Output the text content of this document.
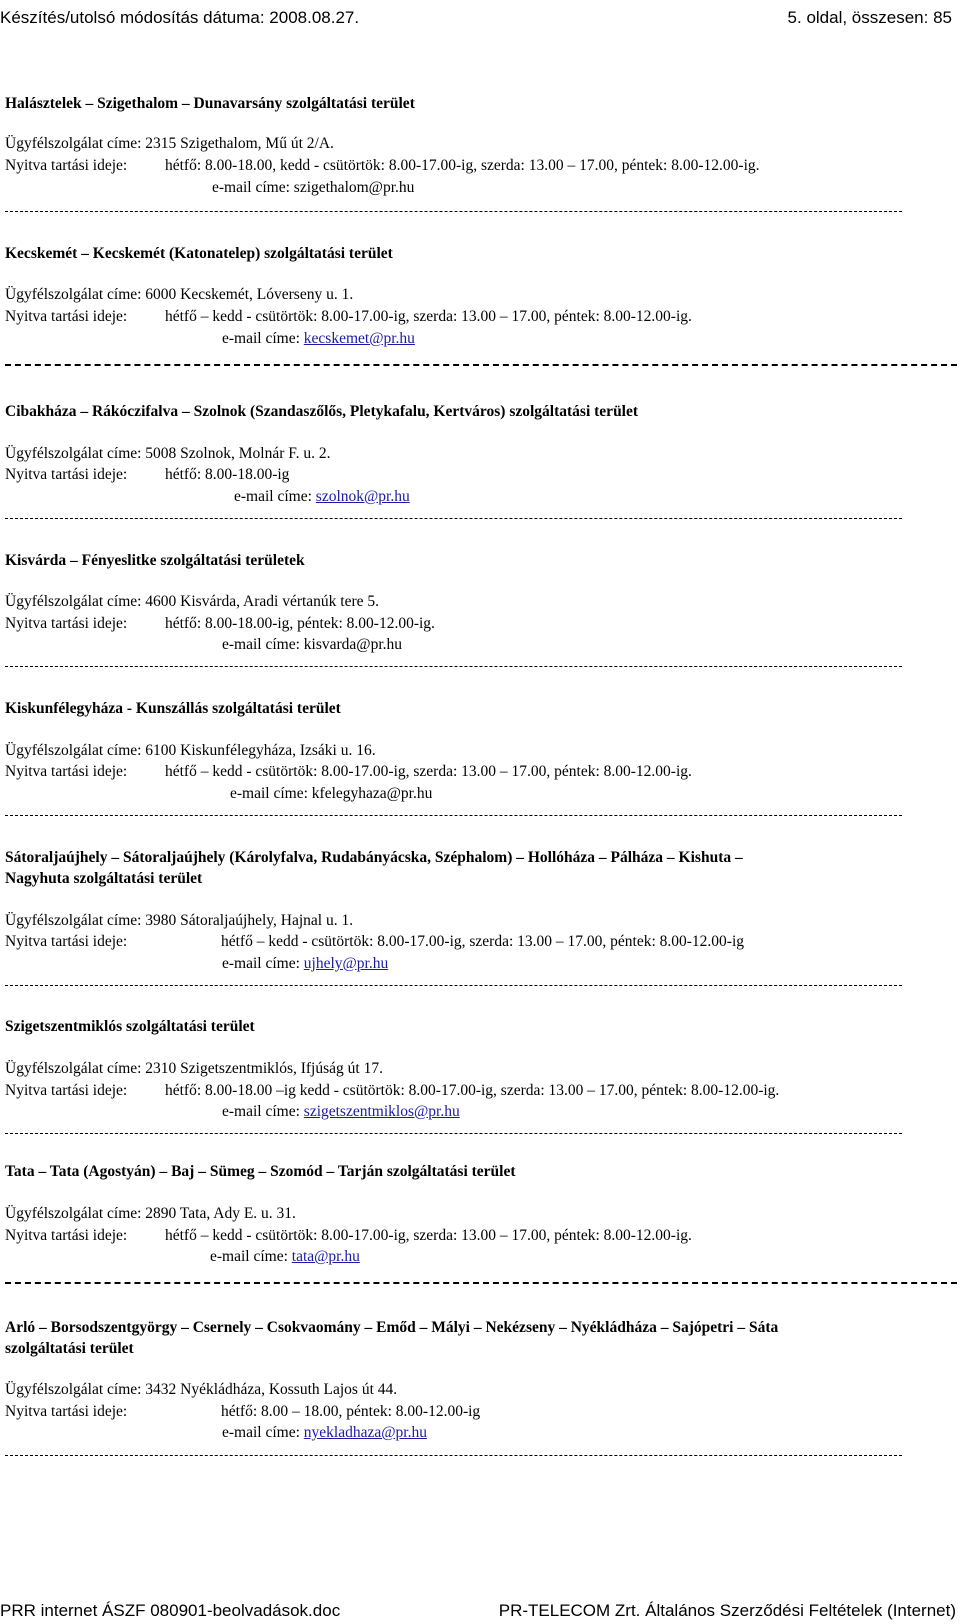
Készítés/utolsó módosítás dátuma: 2008.08.27.	5. oldal, összesen: 85
Halásztelek – Szigethalom – Dunavarsány szolgáltatási terület
Ügyfélszolgálat címe: 2315 Szigethalom, Mű út 2/A.
Nyitva tartási ideje: hétfő: 8.00-18.00, kedd - csütörtök: 8.00-17.00-ig, szerda: 13.00 – 17.00, péntek: 8.00-12.00-ig.
e-mail címe: szigethalom@pr.hu
Kecskemét – Kecskemét (Katonatelep) szolgáltatási terület
Ügyfélszolgálat címe: 6000 Kecskemét, Lóverseny u. 1.
Nyitva tartási ideje: hétfő – kedd - csütörtök: 8.00-17.00-ig, szerda: 13.00 – 17.00, péntek: 8.00-12.00-ig.
e-mail címe: kecskemet@pr.hu
Cibakháza – Rákóczifalva – Szolnok (Szandaszőlős, Pletykafalu, Kertváros) szolgáltatási terület
Ügyfélszolgálat címe: 5008 Szolnok, Molnár F. u. 2.
Nyitva tartási ideje: hétfő: 8.00-18.00-ig
e-mail címe: szolnok@pr.hu
Kisvárda – Fényeslitke szolgáltatási területek
Ügyfélszolgálat címe: 4600 Kisvárda, Aradi vértanúk tere 5.
Nyitva tartási ideje: hétfő: 8.00-18.00-ig, péntek: 8.00-12.00-ig.
e-mail címe: kisvarda@pr.hu
Kiskunfélegyháza - Kunszállás szolgáltatási terület
Ügyfélszolgálat címe: 6100 Kiskunfélegyháza, Izsáki u. 16.
Nyitva tartási ideje: hétfő – kedd - csütörtök: 8.00-17.00-ig, szerda: 13.00 – 17.00, péntek: 8.00-12.00-ig.
e-mail címe: kfelegyhaza@pr.hu
Sátoraljaújhely – Sátoraljaújhely (Károlyfalva, Rudabányácska, Széphalom) – Hollóháza – Pálháza – Kishuta –
Nagyhuta szolgáltatási terület
Ügyfélszolgálat címe: 3980 Sátoraljaújhely, Hajnal u. 1.
Nyitva tartási ideje:	hétfő – kedd - csütörtök: 8.00-17.00-ig, szerda: 13.00 – 17.00, péntek: 8.00-12.00-ig
e-mail címe: ujhely@pr.hu
Szigetszentmiklós szolgáltatási terület
Ügyfélszolgálat címe: 2310 Szigetszentmiklós, Ifjúság út 17.
Nyitva tartási ideje: hétfő: 8.00-18.00 –ig kedd - csütörtök: 8.00-17.00-ig, szerda: 13.00 – 17.00, péntek: 8.00-12.00-ig.
e-mail címe: szigetszentmiklos@pr.hu
Tata – Tata (Agostyán) – Baj – Sümeg – Szomód – Tarján szolgáltatási terület
Ügyfélszolgálat címe: 2890 Tata, Ady E. u. 31.
Nyitva tartási ideje: hétfő – kedd - csütörtök: 8.00-17.00-ig, szerda: 13.00 – 17.00, péntek: 8.00-12.00-ig.
e-mail címe: tata@pr.hu
Arló – Borsodszentgyörgy – Csernely – Csokvaomány – Emőd – Mályi – Nekézseny – Nyékládháza – Sajópetri – Sáta
szolgáltatási terület
Ügyfélszolgálat címe: 3432 Nyékládháza, Kossuth Lajos út 44.
Nyitva tartási ideje:	hétfő: 8.00 – 18.00, péntek: 8.00-12.00-ig
e-mail címe: nyekladhaza@pr.hu
PRR internet ÁSZF 080901-beolvadások.doc	PR-TELECOM Zrt. Általános Szerződési Feltételek (Internet)
